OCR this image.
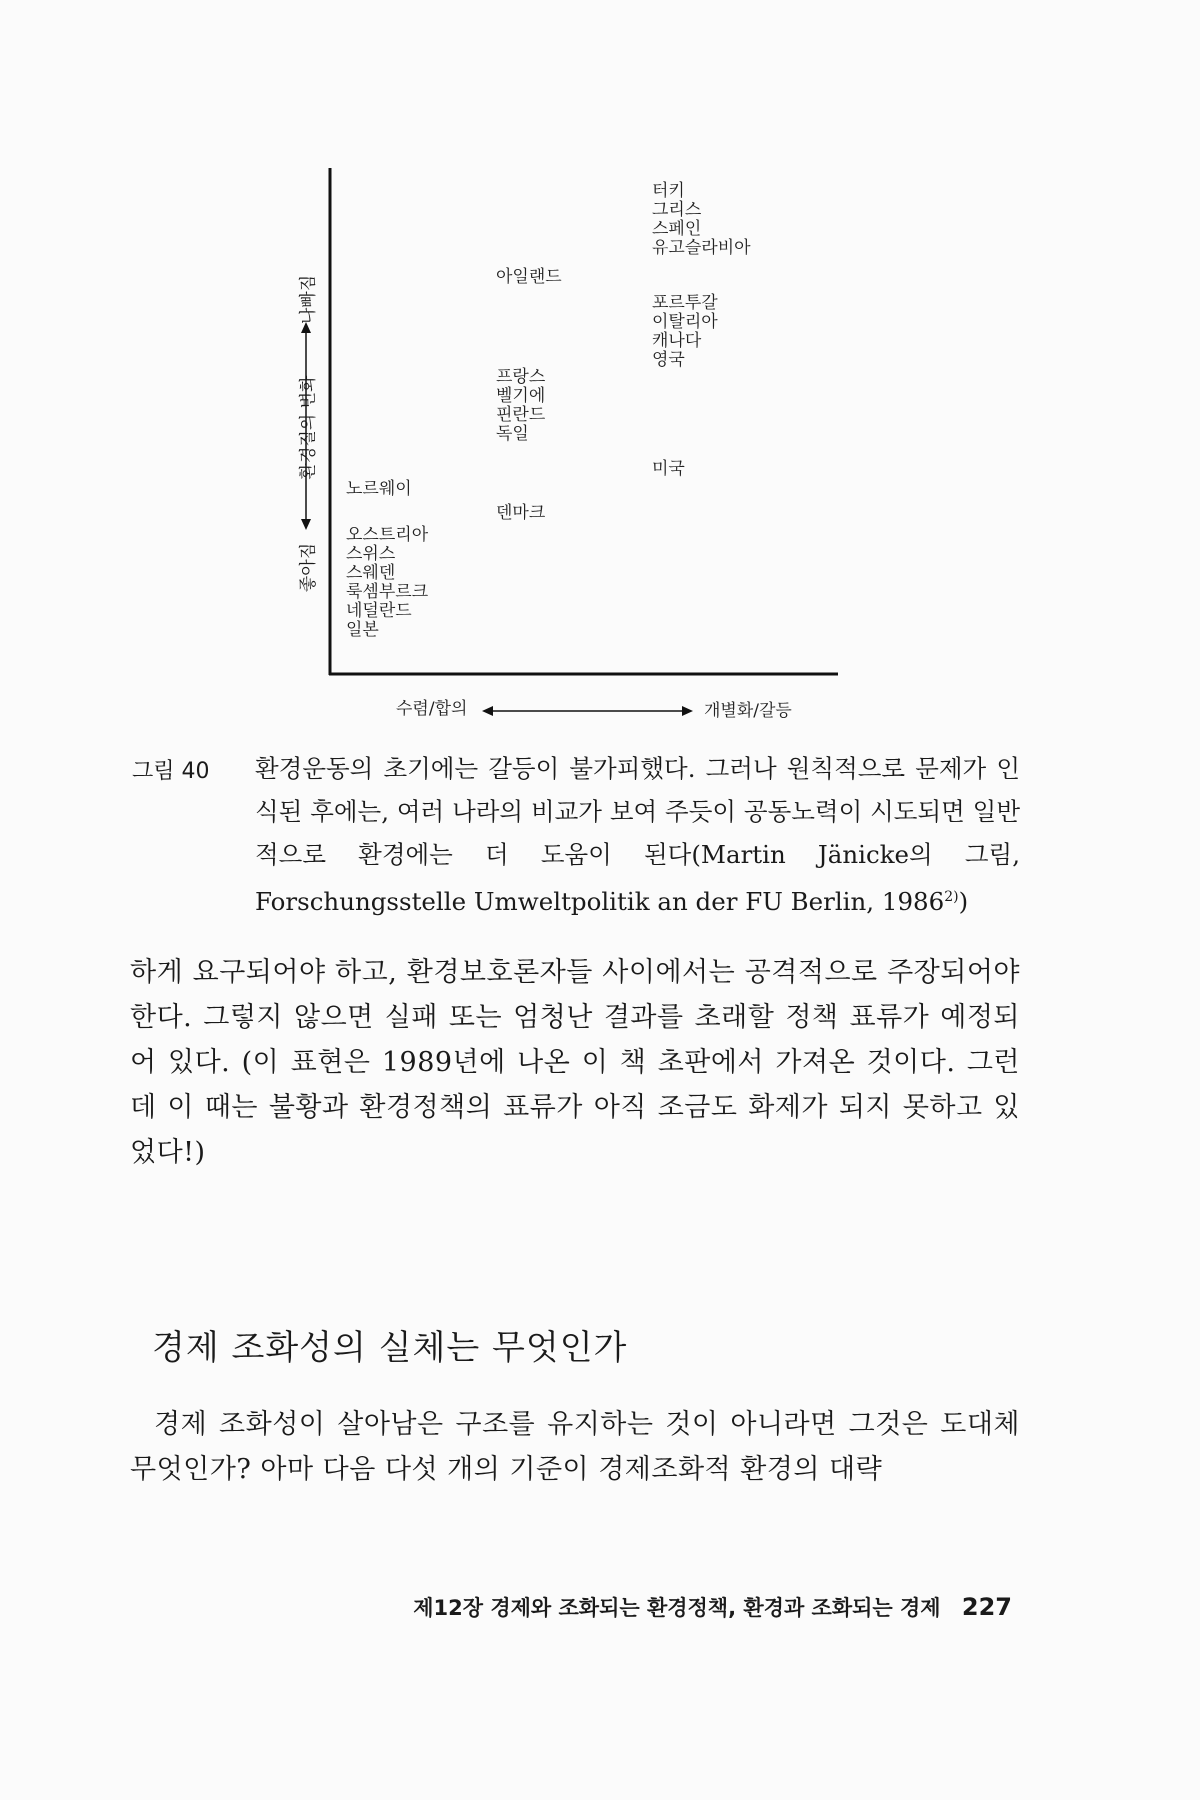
나빠짐
환경질의 변화
좋아짐
수렴/합의	개별화/갈등
터키
그리스
스페인
유고슬라비아
포르투갈
이탈리아
캐나다
영국
미국
아일랜드
프랑스
벨기에
핀란드
독일
덴마크
노르웨이
오스트리아
스위스
스웨덴
룩셈부르크
네덜란드
일본
그림 40 환경운동의 초기에는 갈등이 불가피했다. 그러나 원칙적으로 문제가 인식된 후에는, 여러 나라의 비교가 보여 주듯이 공동노력이 시도되면 일반적으로 환경에는 더 도움이 된다(Martin Jänicke의 그림, Forschungsstelle Umweltpolitik an der FU Berlin, 1986$^{2)}$)
하게 요구되어야 하고, 환경보호론자들 사이에서는 공격적으로 주장되어야 한다. 그렇지 않으면 실패 또는 엄청난 결과를 초래할 정책 표류가 예정되어 있다. (이 표현은 1989년에 나온 이 책 초판에서 가져온 것이다. 그런데 이 때는 불황과 환경정책의 표류가 아직 조금도 화제가 되지 못하고 있었다!)
경제 조화성의 실체는 무엇인가
경제 조화성이 살아남은 구조를 유지하는 것이 아니라면 그것은 도대체 무엇인가? 아마 다음 다섯 개의 기준이 경제조화적 환경의 대략
제12장 경제와 조화되는 환경정책, 환경과 조화되는 경제 227
